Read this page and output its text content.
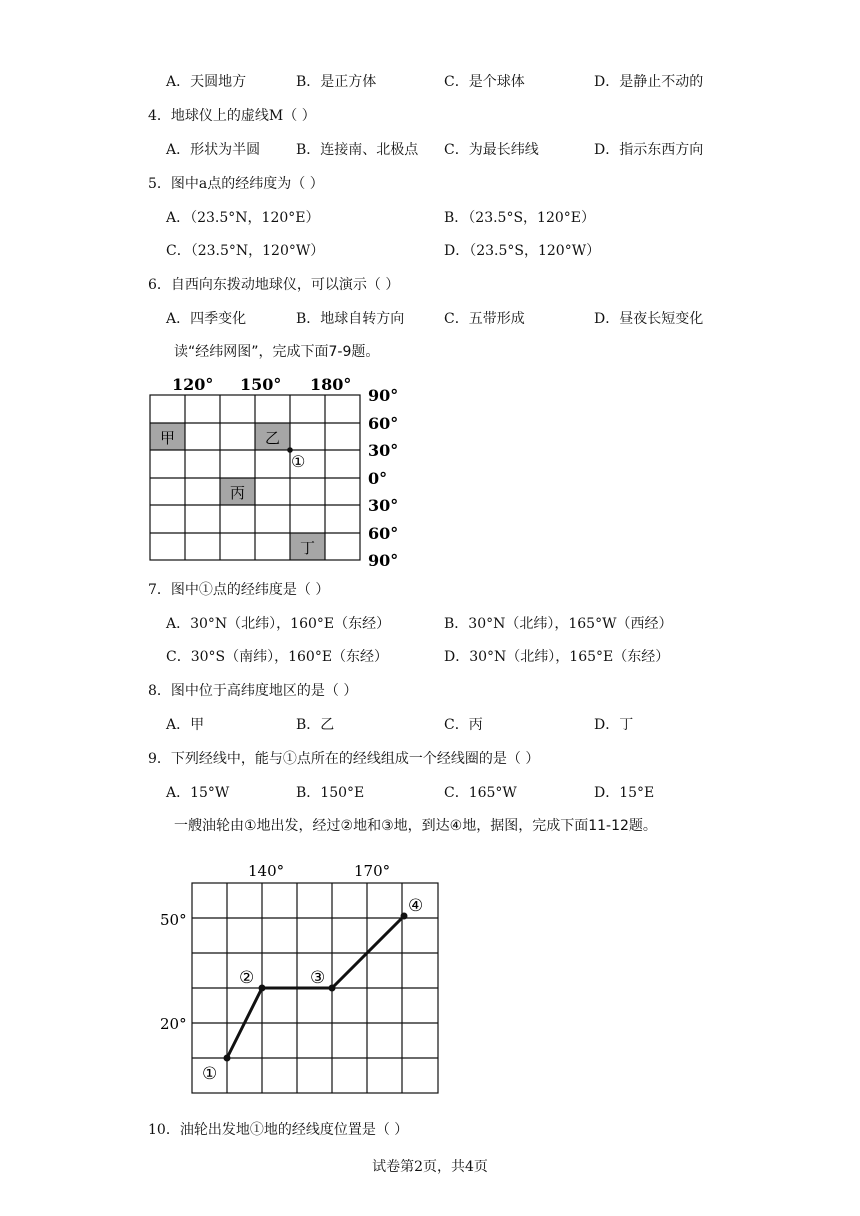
A．天圆地方	B．是正方体	C．是个球体	D．是静止不动的
4．地球仪上的虚线M（ ）
A．形状为半圆	B．连接南、北极点 C．为最长纬线	D．指示东西方向
5．图中a点的经纬度为（ ）
A．（23.5°N，120°E）	B．（23.5°S，120°E）
C．（23.5°N，120°W）	D．（23.5°S，120°W）
6．自西向东拨动地球仪，可以演示（ ）
A．四季变化	B．地球自转方向	C．五带形成	D．昼夜长短变化
读“经纬网图”，完成下面7-9题。
120° 150° 180°
甲	乙
丙
丁
①
90°
60°
30°
0°
30°
60°
90°
7．图中①点的经纬度是（ ）
A．30°N（北纬），160°E（东经）	B．30°N（北纬），165°W（西经）
C．30°S（南纬），160°E（东经）	D．30°N（北纬），165°E（东经）
8．图中位于高纬度地区的是（ ）
A．甲	B．乙	C．丙	D．丁
9．下列经线中，能与①点所在的经线组成一个经线圈的是（ ）
A．15°W	B．150°E	C．165°W	D．15°E
一艘油轮由①地出发，经过②地和③地，到达④地，据图，完成下面11-12题。
140°	170°
50°
20°
①
②	③
④
10．油轮出发地①地的经线度位置是（ ）
试卷第2页，共4页
